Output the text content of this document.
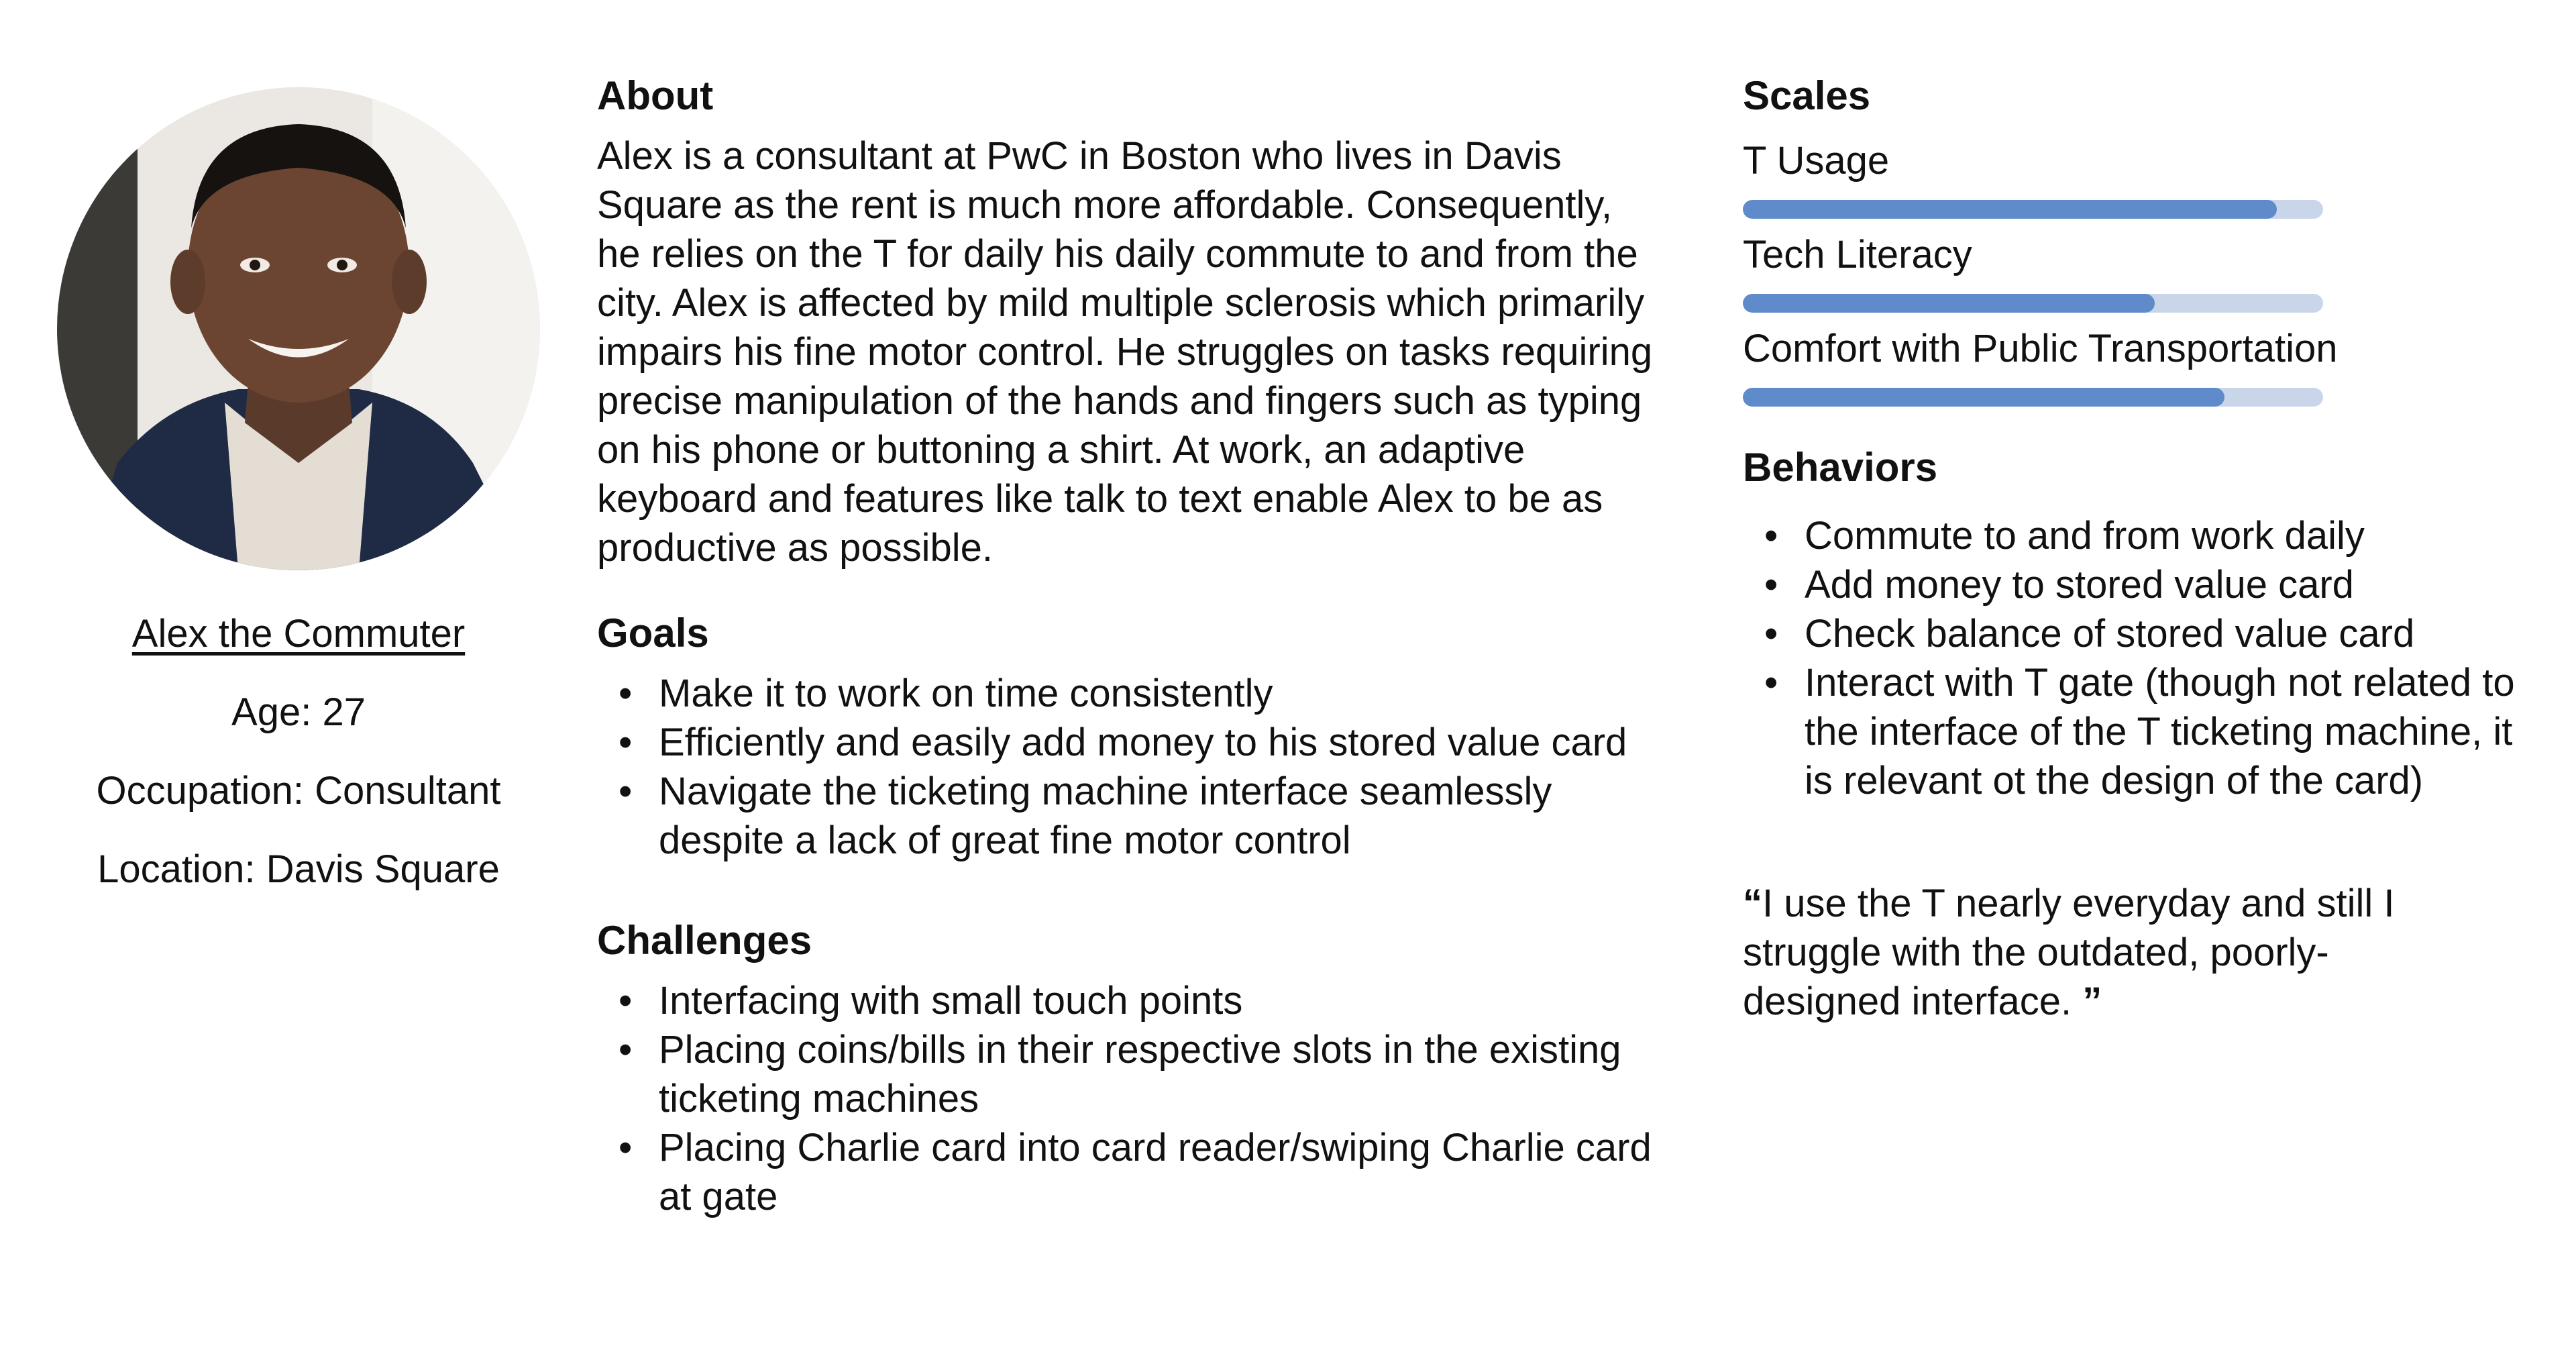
Alex the Commuter
Age: 27
Occupation: Consultant
Location: Davis Square
About

Alex is a consultant at PwC in Boston who lives in Davis Square as the rent is much more affordable. Consequently, he relies on the T for daily his daily commute to and from the city. Alex is affected by mild multiple sclerosis which primarily impairs his fine motor control. He struggles on tasks requiring precise manipulation of the hands and fingers such as typing on his phone or buttoning a shirt. At work, an adaptive keyboard and features like talk to text enable Alex to be as productive as possible.

Goals
• Make it to work on time consistently
• Efficiently and easily add money to his stored value card
• Navigate the ticketing machine interface seamlessly despite a lack of great fine motor control
Challenges
• Interfacing with small touch points
• Placing coins/bills in their respective slots in the existing ticketing machines
• Placing Charlie card into card reader/swiping Charlie card at gate
Scales
T Usage
Tech Literacy
Comfort with Public Transportation
Behaviors
• Commute to and from work daily
• Add money to stored value card
• Check balance of stored value card
• Interact with T gate (though not related to the interface of the T ticketing machine, it is relevant ot the design of the card)
“I use the T nearly everyday and still I struggle with the outdated, poorly-designed interface. ”
